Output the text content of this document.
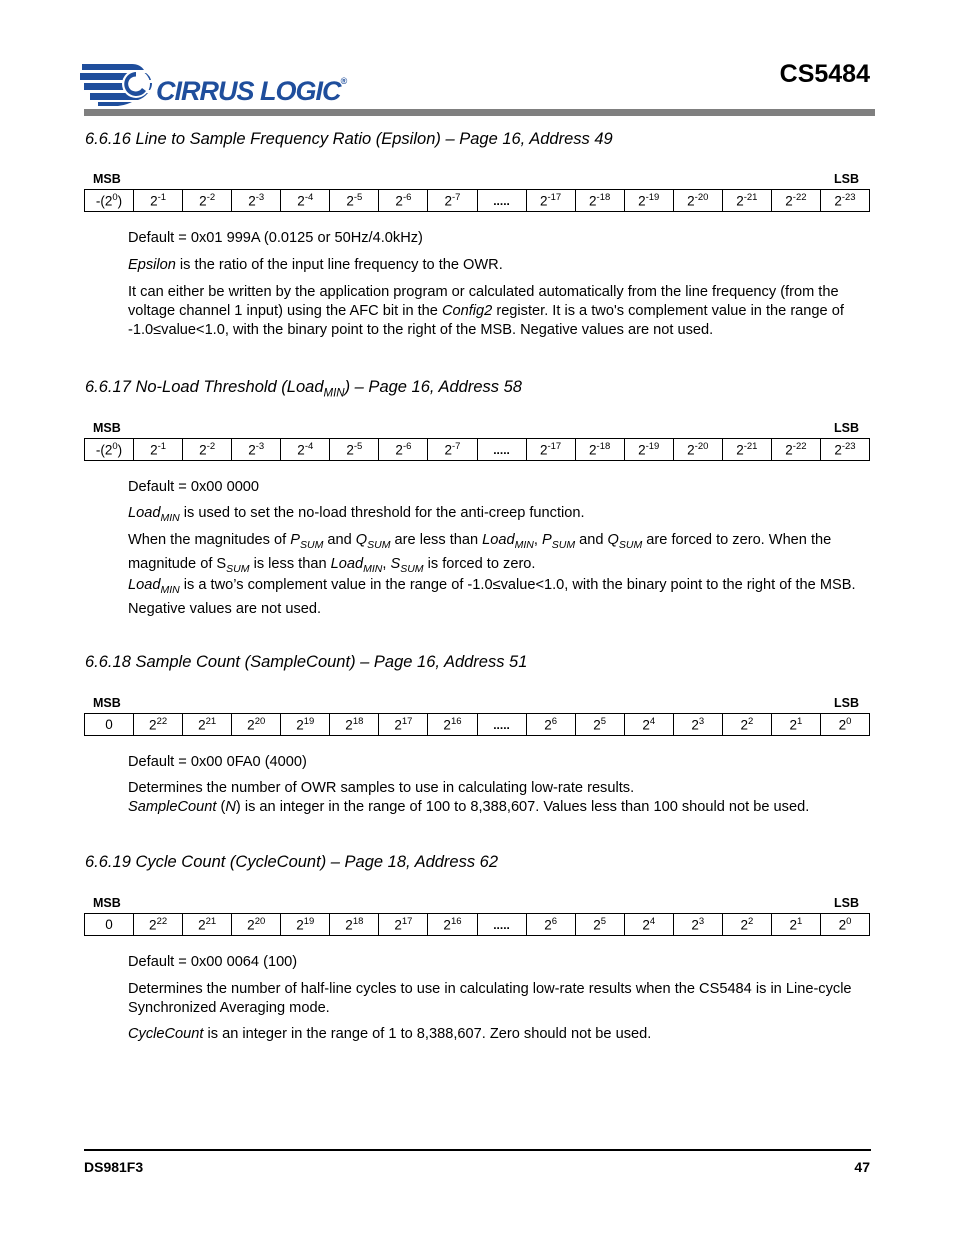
CIRRUS LOGIC®	CS5484
6.6.16 Line to Sample Frequency Ratio (Epsilon) – Page 16, Address 49
MSB	LSB
$-(2^0)$	$2^{-1}$	$2^{-2}$	$2^{-3}$	$2^{-4}$	$2^{-5}$	$2^{-6}$	$2^{-7}$	.....	$2^{-17}$	$2^{-18}$	$2^{-19}$	$2^{-20}$	$2^{-21}$	$2^{-22}$	$2^{-23}$
Default = 0x01 999A (0.0125 or 50Hz/4.0kHz)
Epsilon is the ratio of the input line frequency to the OWR.
It can either be written by the application program or calculated automatically from the line frequency (from the voltage channel 1 input) using the AFC bit in the Config2 register. It is a two's complement value in the range of -1.0≤value<1.0, with the binary point to the right of the MSB. Negative values are not used.
6.6.17 No-Load Threshold (Load$_{MIN}$) – Page 16, Address 58
MSB	LSB
$-(2^0)$	$2^{-1}$	$2^{-2}$	$2^{-3}$	$2^{-4}$	$2^{-5}$	$2^{-6}$	$2^{-7}$	.....	$2^{-17}$	$2^{-18}$	$2^{-19}$	$2^{-20}$	$2^{-21}$	$2^{-22}$	$2^{-23}$
Default = 0x00 0000
Load$_{MIN}$ is used to set the no-load threshold for the anti-creep function.
When the magnitudes of $P_{SUM}$ and $Q_{SUM}$ are less than Load$_{MIN}$, $P_{SUM}$ and $Q_{SUM}$ are forced to zero. When the magnitude of $S_{SUM}$ is less than Load$_{MIN}$, $S_{SUM}$ is forced to zero.
Load$_{MIN}$ is a two’s complement value in the range of -1.0≤value<1.0, with the binary point to the right of the MSB. Negative values are not used.
6.6.18 Sample Count (SampleCount) – Page 16, Address 51
MSB	LSB
0	$2^{22}$	$2^{21}$	$2^{20}$	$2^{19}$	$2^{18}$	$2^{17}$	$2^{16}$	.....	$2^6$	$2^5$	$2^4$	$2^3$	$2^2$	$2^1$	$2^0$
Default = 0x00 0FA0 (4000)
Determines the number of OWR samples to use in calculating low-rate results.
SampleCount (N) is an integer in the range of 100 to 8,388,607. Values less than 100 should not be used.
6.6.19 Cycle Count (CycleCount) – Page 18, Address 62
MSB	LSB
0	$2^{22}$	$2^{21}$	$2^{20}$	$2^{19}$	$2^{18}$	$2^{17}$	$2^{16}$	.....	$2^6$	$2^5$	$2^4$	$2^3$	$2^2$	$2^1$	$2^0$
Default = 0x00 0064 (100)
Determines the number of half-line cycles to use in calculating low-rate results when the CS5484 is in Line-cycle Synchronized Averaging mode.
CycleCount is an integer in the range of 1 to 8,388,607. Zero should not be used.
DS981F3	47
